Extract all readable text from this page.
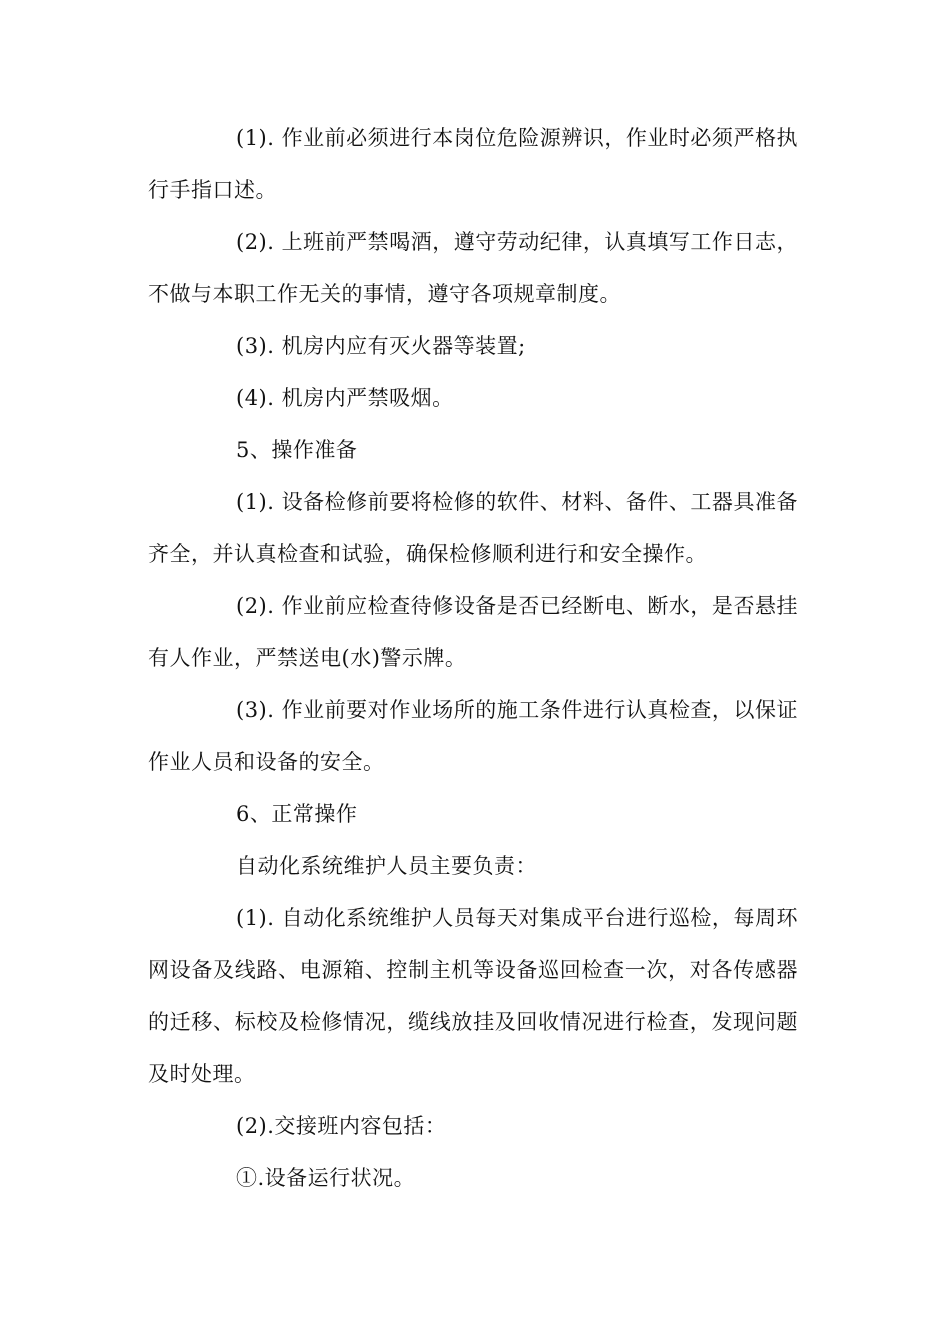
(1). 作业前必须进行本岗位危险源辨识，作业时必须严格执行手指口述。

(2). 上班前严禁喝酒，遵守劳动纪律，认真填写工作日志，不做与本职工作无关的事情，遵守各项规章制度。

(3). 机房内应有灭火器等装置;

(4). 机房内严禁吸烟。

5、操作准备

(1). 设备检修前要将检修的软件、材料、备件、工器具准备齐全，并认真检查和试验，确保检修顺利进行和安全操作。

(2). 作业前应检查待修设备是否已经断电、断水，是否悬挂有人作业，严禁送电(水)警示牌。

(3). 作业前要对作业场所的施工条件进行认真检查，以保证作业人员和设备的安全。

6、正常操作

自动化系统维护人员主要负责：

(1). 自动化系统维护人员每天对集成平台进行巡检，每周环网设备及线路、电源箱、控制主机等设备巡回检查一次，对各传感器的迁移、标校及检修情况，缆线放挂及回收情况进行检查，发现问题及时处理。

(2).交接班内容包括：

①.设备运行状况。
